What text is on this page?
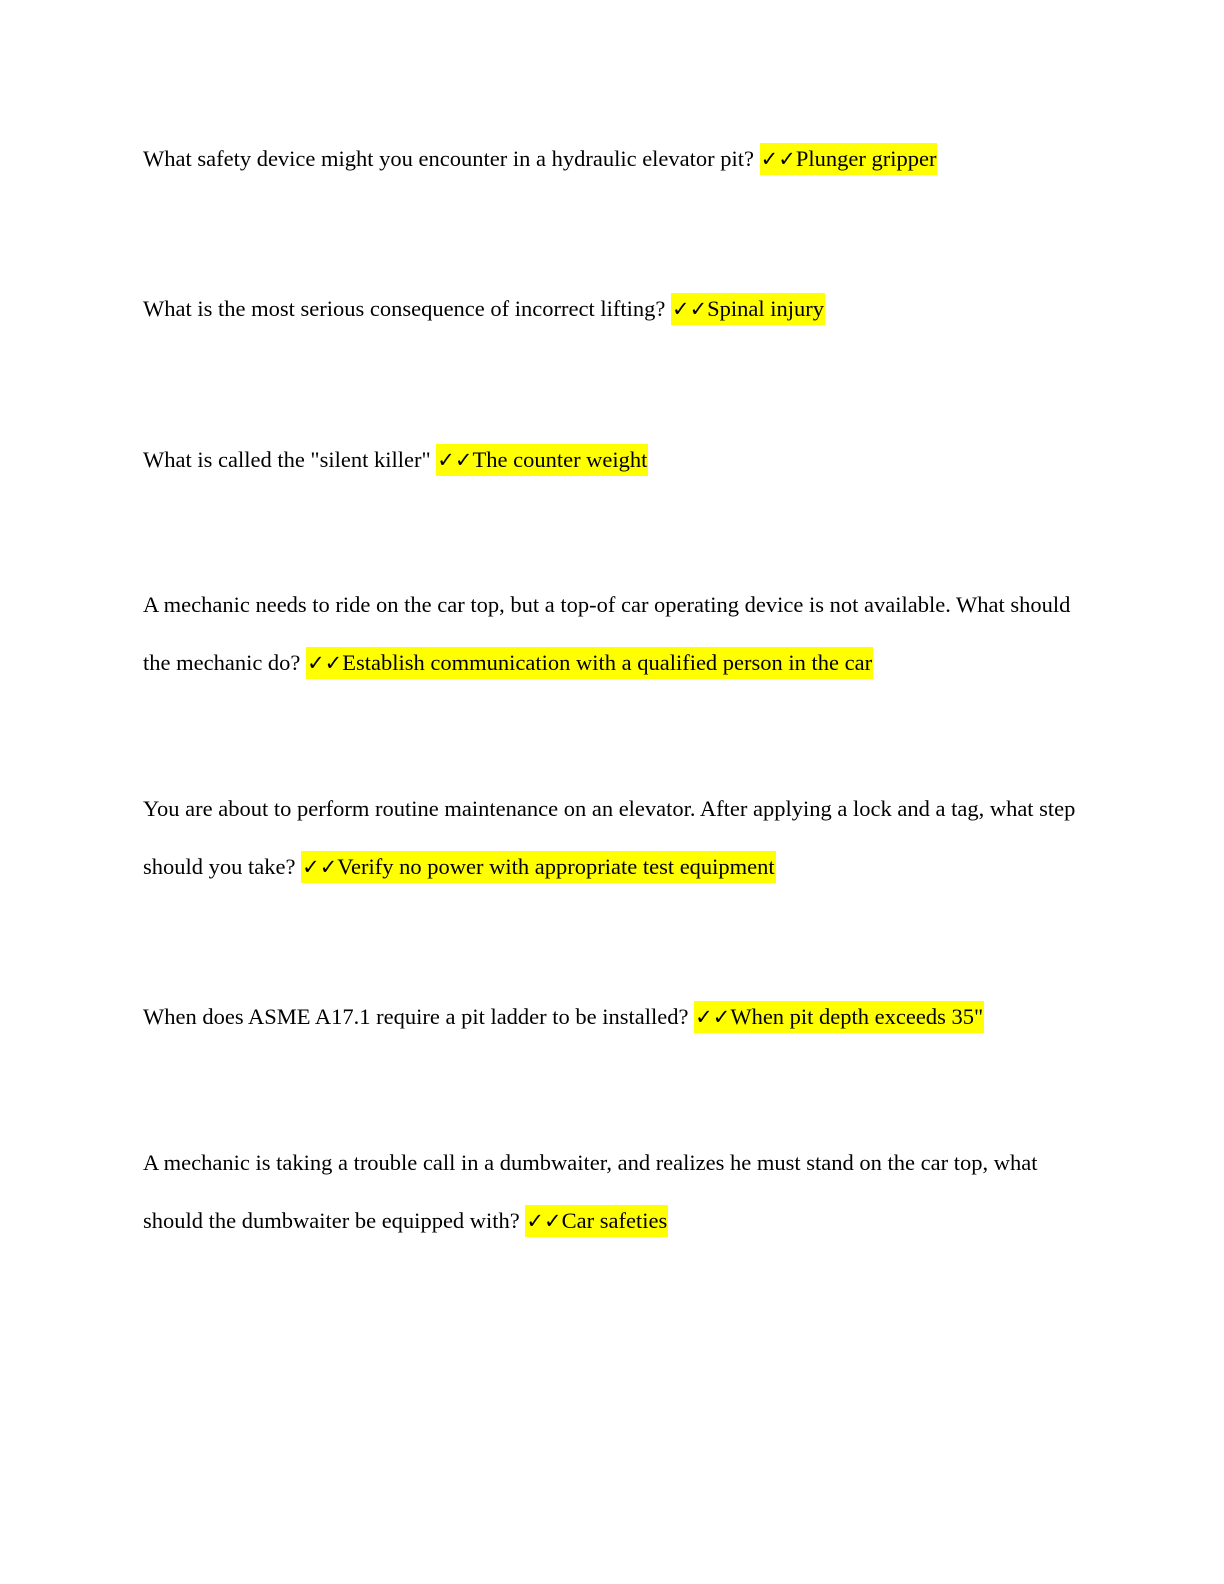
What safety device might you encounter in a hydraulic elevator pit? ✓✓Plunger gripper

What is the most serious consequence of incorrect lifting? ✓✓Spinal injury

What is called the "silent killer" ✓✓The counter weight

A mechanic needs to ride on the car top, but a top-of car operating device is not available. What should the mechanic do? ✓✓Establish communication with a qualified person in the car

You are about to perform routine maintenance on an elevator. After applying a lock and a tag, what step should you take? ✓✓Verify no power with appropriate test equipment

When does ASME A17.1 require a pit ladder to be installed? ✓✓When pit depth exceeds 35"

A mechanic is taking a trouble call in a dumbwaiter, and realizes he must stand on the car top, what should the dumbwaiter be equipped with? ✓✓Car safeties
